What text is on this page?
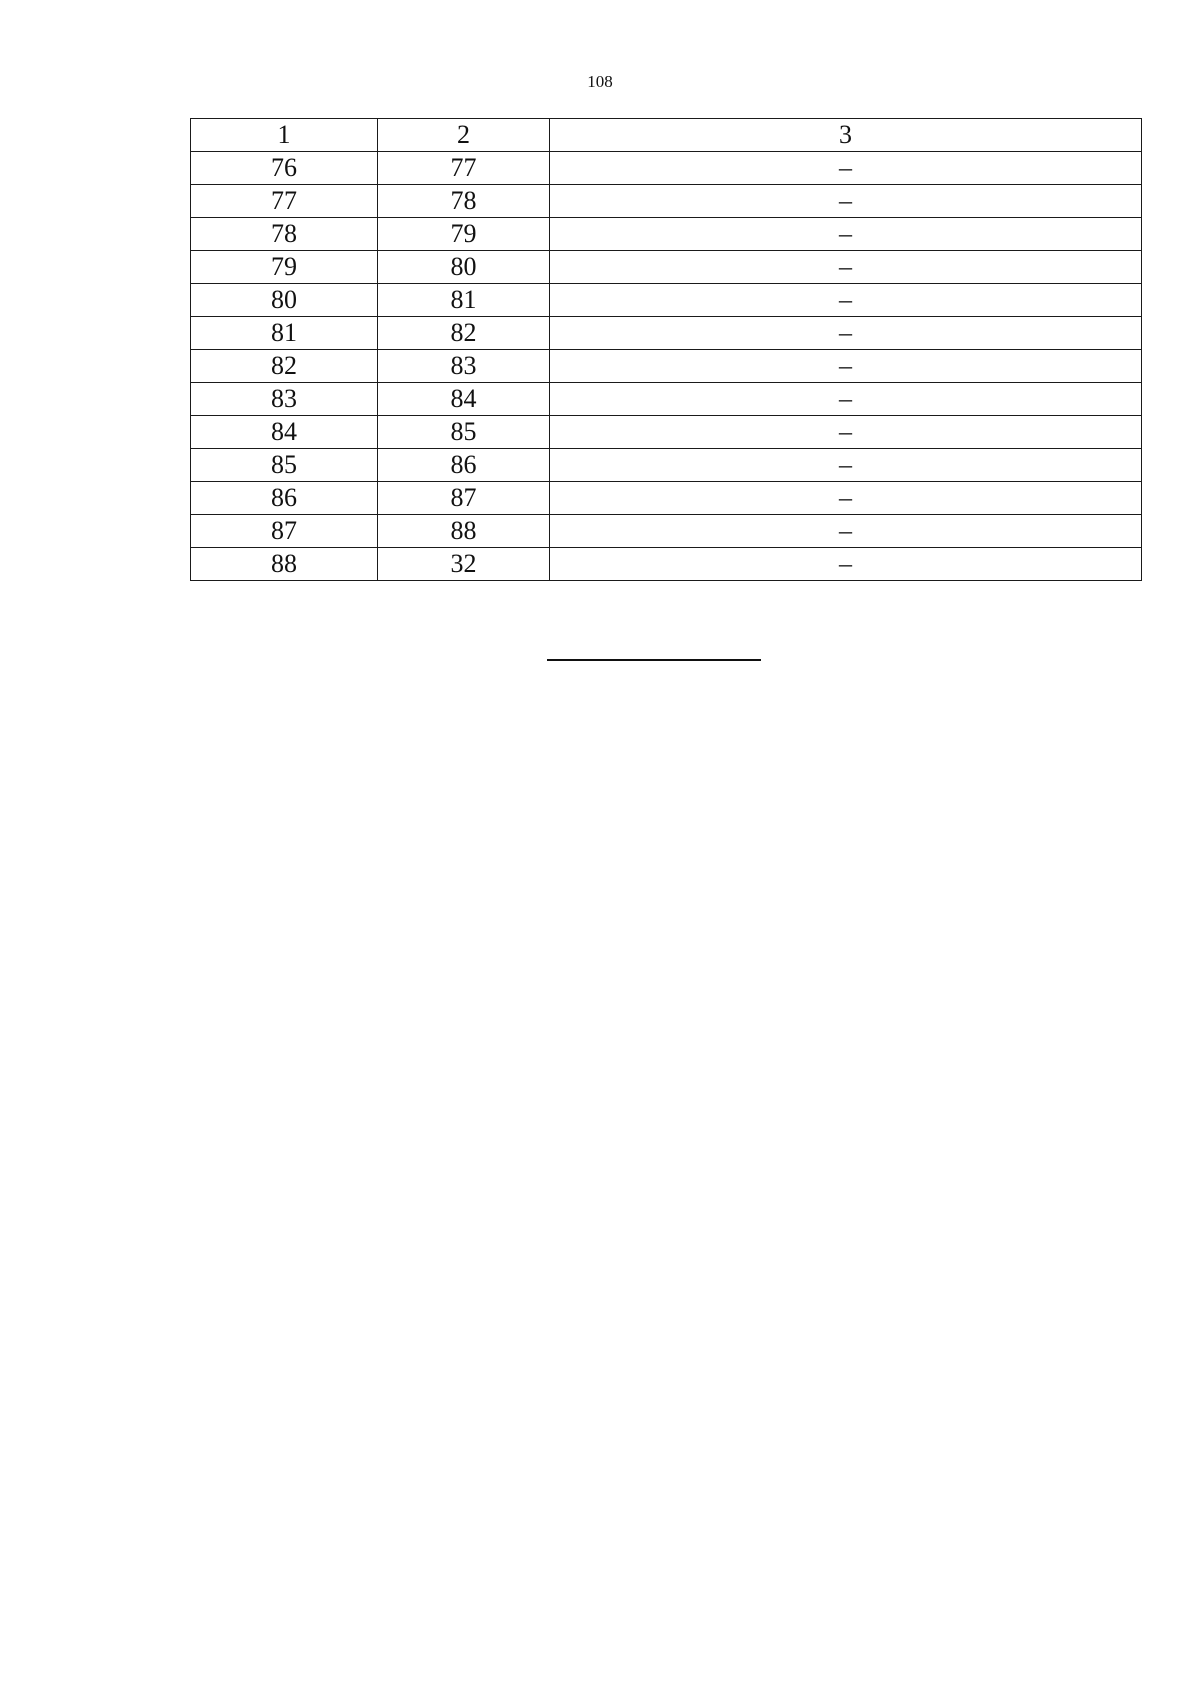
108
1	2	3
76	77	–
77	78	–
78	79	–
79	80	–
80	81	–
81	82	–
82	83	–
83	84	–
84	85	–
85	86	–
86	87	–
87	88	–
88	32	–
